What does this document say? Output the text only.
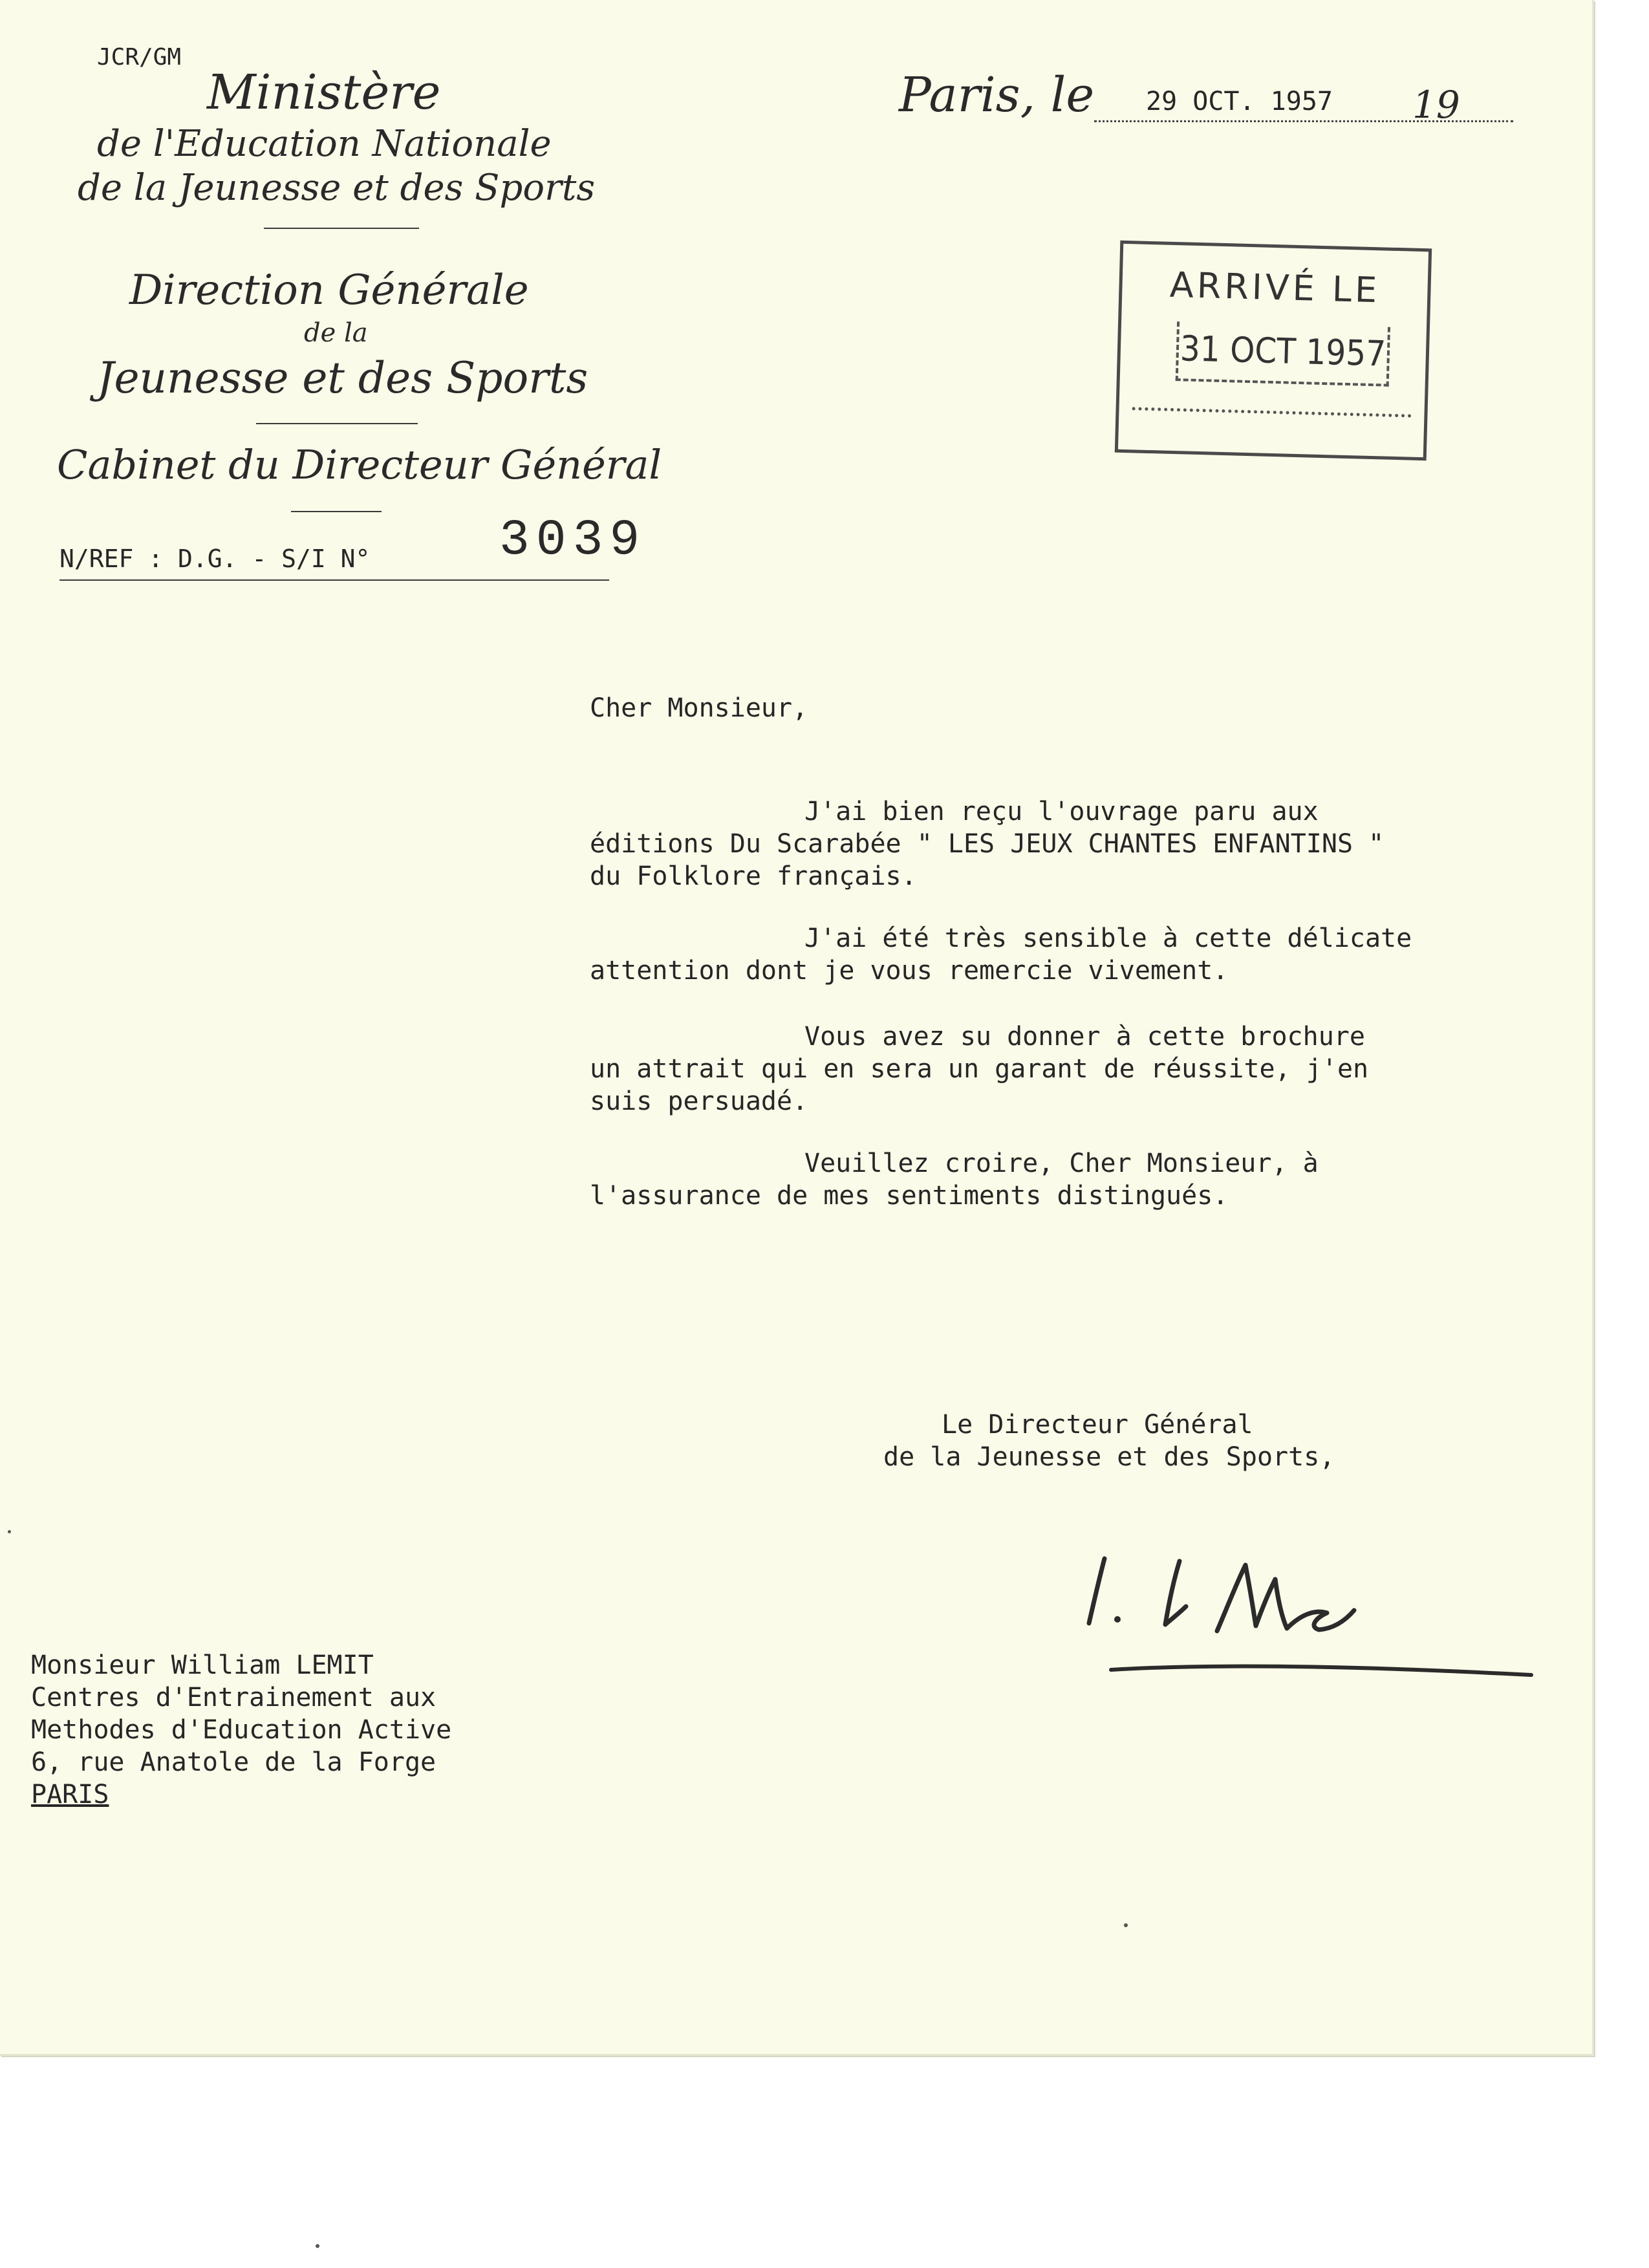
JCR/GM
Ministère
de l'Education Nationale
de la Jeunesse et des Sports
Direction Générale
de la
Jeunesse et des Sports
Cabinet du Directeur Général
N/REF : D.G. - S/I N°	3039
Paris, le 29 OCT. 1957 19
ARRIVÉ LE
31 OCT 1957
Cher Monsieur,
J'ai bien reçu l'ouvrage paru aux
éditions Du Scarabée " LES JEUX CHANTES ENFANTINS "
du Folklore français.
J'ai été très sensible à cette délicate
attention dont je vous remercie vivement.
Vous avez su donner à cette brochure
un attrait qui en sera un garant de réussite, j'en
suis persuadé.
Veuillez croire, Cher Monsieur, à
l'assurance de mes sentiments distingués.
Le Directeur Général
de la Jeunesse et des Sports,
Monsieur William LEMIT
Centres d'Entrainement aux
Methodes d'Education Active
6, rue Anatole de la Forge
PARIS
